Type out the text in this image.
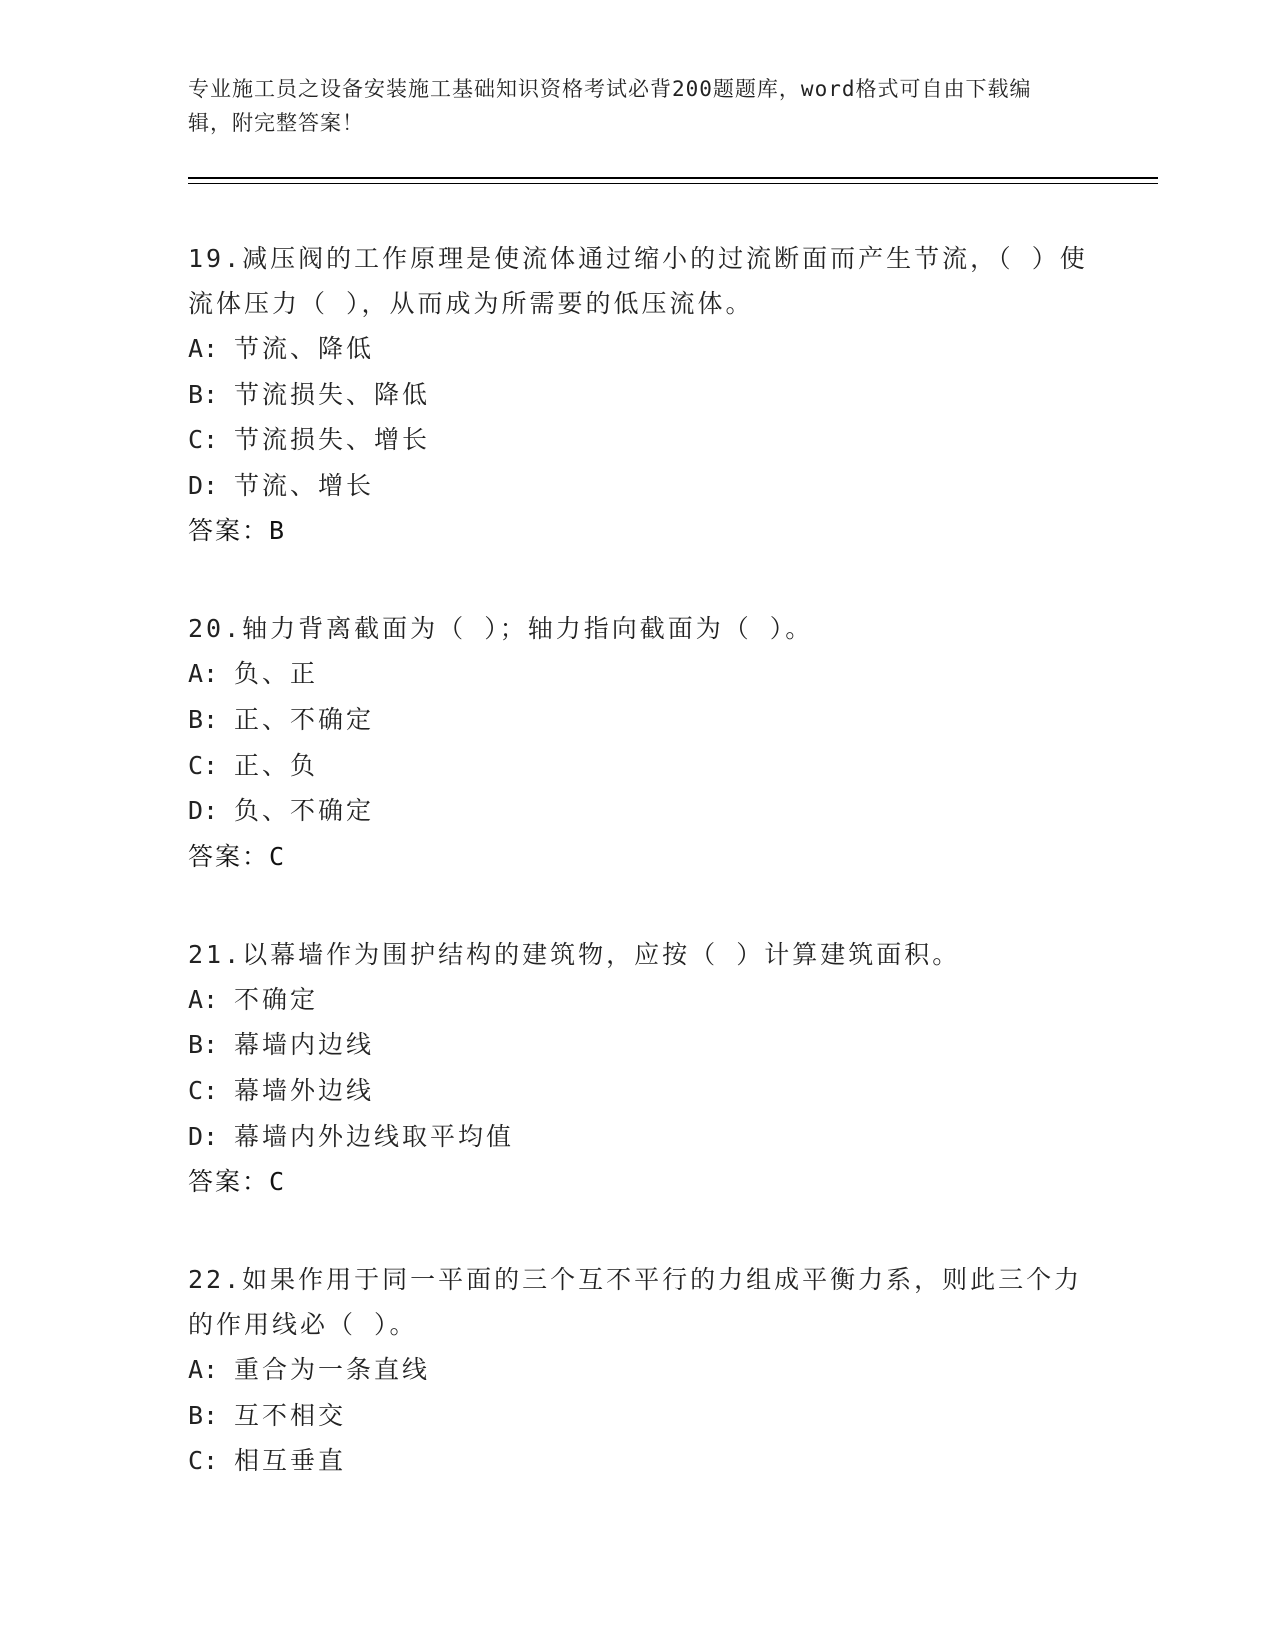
专业施工员之设备安装施工基础知识资格考试必背200题题库，word格式可自由下载编辑，附完整答案！

19.减压阀的工作原理是使流体通过缩小的过流断面而产生节流，（ ）使流体压力（ ），从而成为所需要的低压流体。

A: 节流、降低

B: 节流损失、降低

C: 节流损失、增长

D: 节流、增长

答案：B

20.轴力背离截面为（ ）；轴力指向截面为（ ）。

A: 负、正

B: 正、不确定

C: 正、负

D: 负、不确定

答案：C

21.以幕墙作为围护结构的建筑物，应按（ ）计算建筑面积。

A: 不确定

B: 幕墙内边线

C: 幕墙外边线

D: 幕墙内外边线取平均值

答案：C

22.如果作用于同一平面的三个互不平行的力组成平衡力系，则此三个力的作用线必（ ）。

A: 重合为一条直线

B: 互不相交

C: 相互垂直
